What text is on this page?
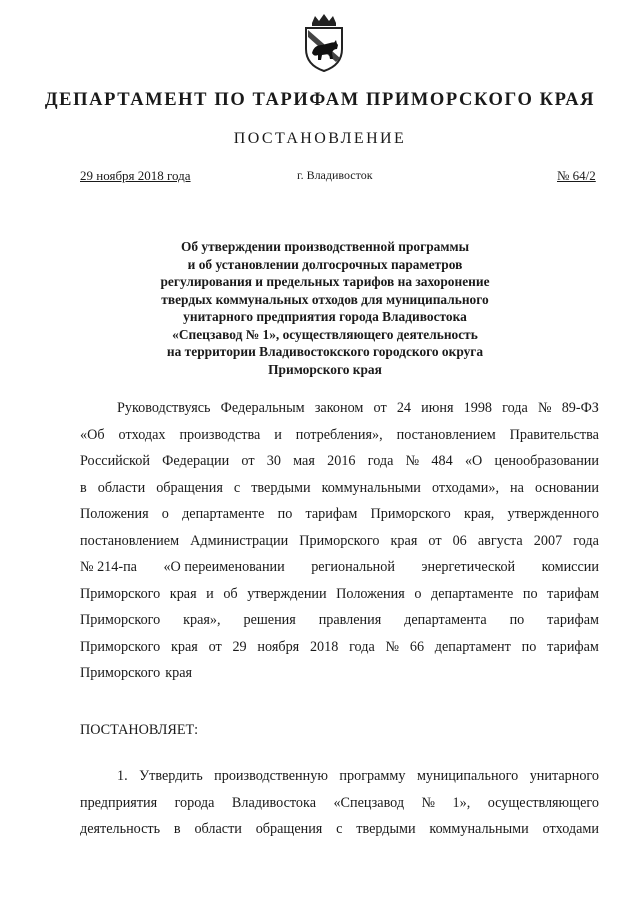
ДЕПАРТАМЕНТ ПО ТАРИФАМ ПРИМОРСКОГО КРАЯ
ПОСТАНОВЛЕНИЕ
29 ноября 2018 года	г. Владивосток	№ 64/2
Об утверждении производственной программы
и об установлении долгосрочных параметров
регулирования и предельных тарифов на захоронение
твердых коммунальных отходов для муниципального
унитарного предприятия города Владивостока
«Спецзавод № 1», осуществляющего деятельность
на территории Владивостокского городского округа
Приморского края
Руководствуясь Федеральным законом от 24 июня 1998 года № 89-ФЗ
«Об отходах производства и потребления», постановлением Правительства
Российской Федерации от 30 мая 2016 года № 484 «О ценообразовании
в области обращения с твердыми коммунальными отходами», на основании
Положения о департаменте по тарифам Приморского края, утвержденного
постановлением Администрации Приморского края от 06 августа 2007 года
№ 214-па «О переименовании региональной энергетической комиссии
Приморского края и об утверждении Положения о департаменте по тарифам
Приморского края», решения правления департамента по тарифам
Приморского края от 29 ноября 2018 года № 66 департамент по тарифам
Приморского края
ПОСТАНОВЛЯЕТ:
1. Утвердить производственную программу муниципального унитарного
предприятия города Владивостока «Спецзавод № 1», осуществляющего
деятельность в области обращения с твердыми коммунальными отходами
